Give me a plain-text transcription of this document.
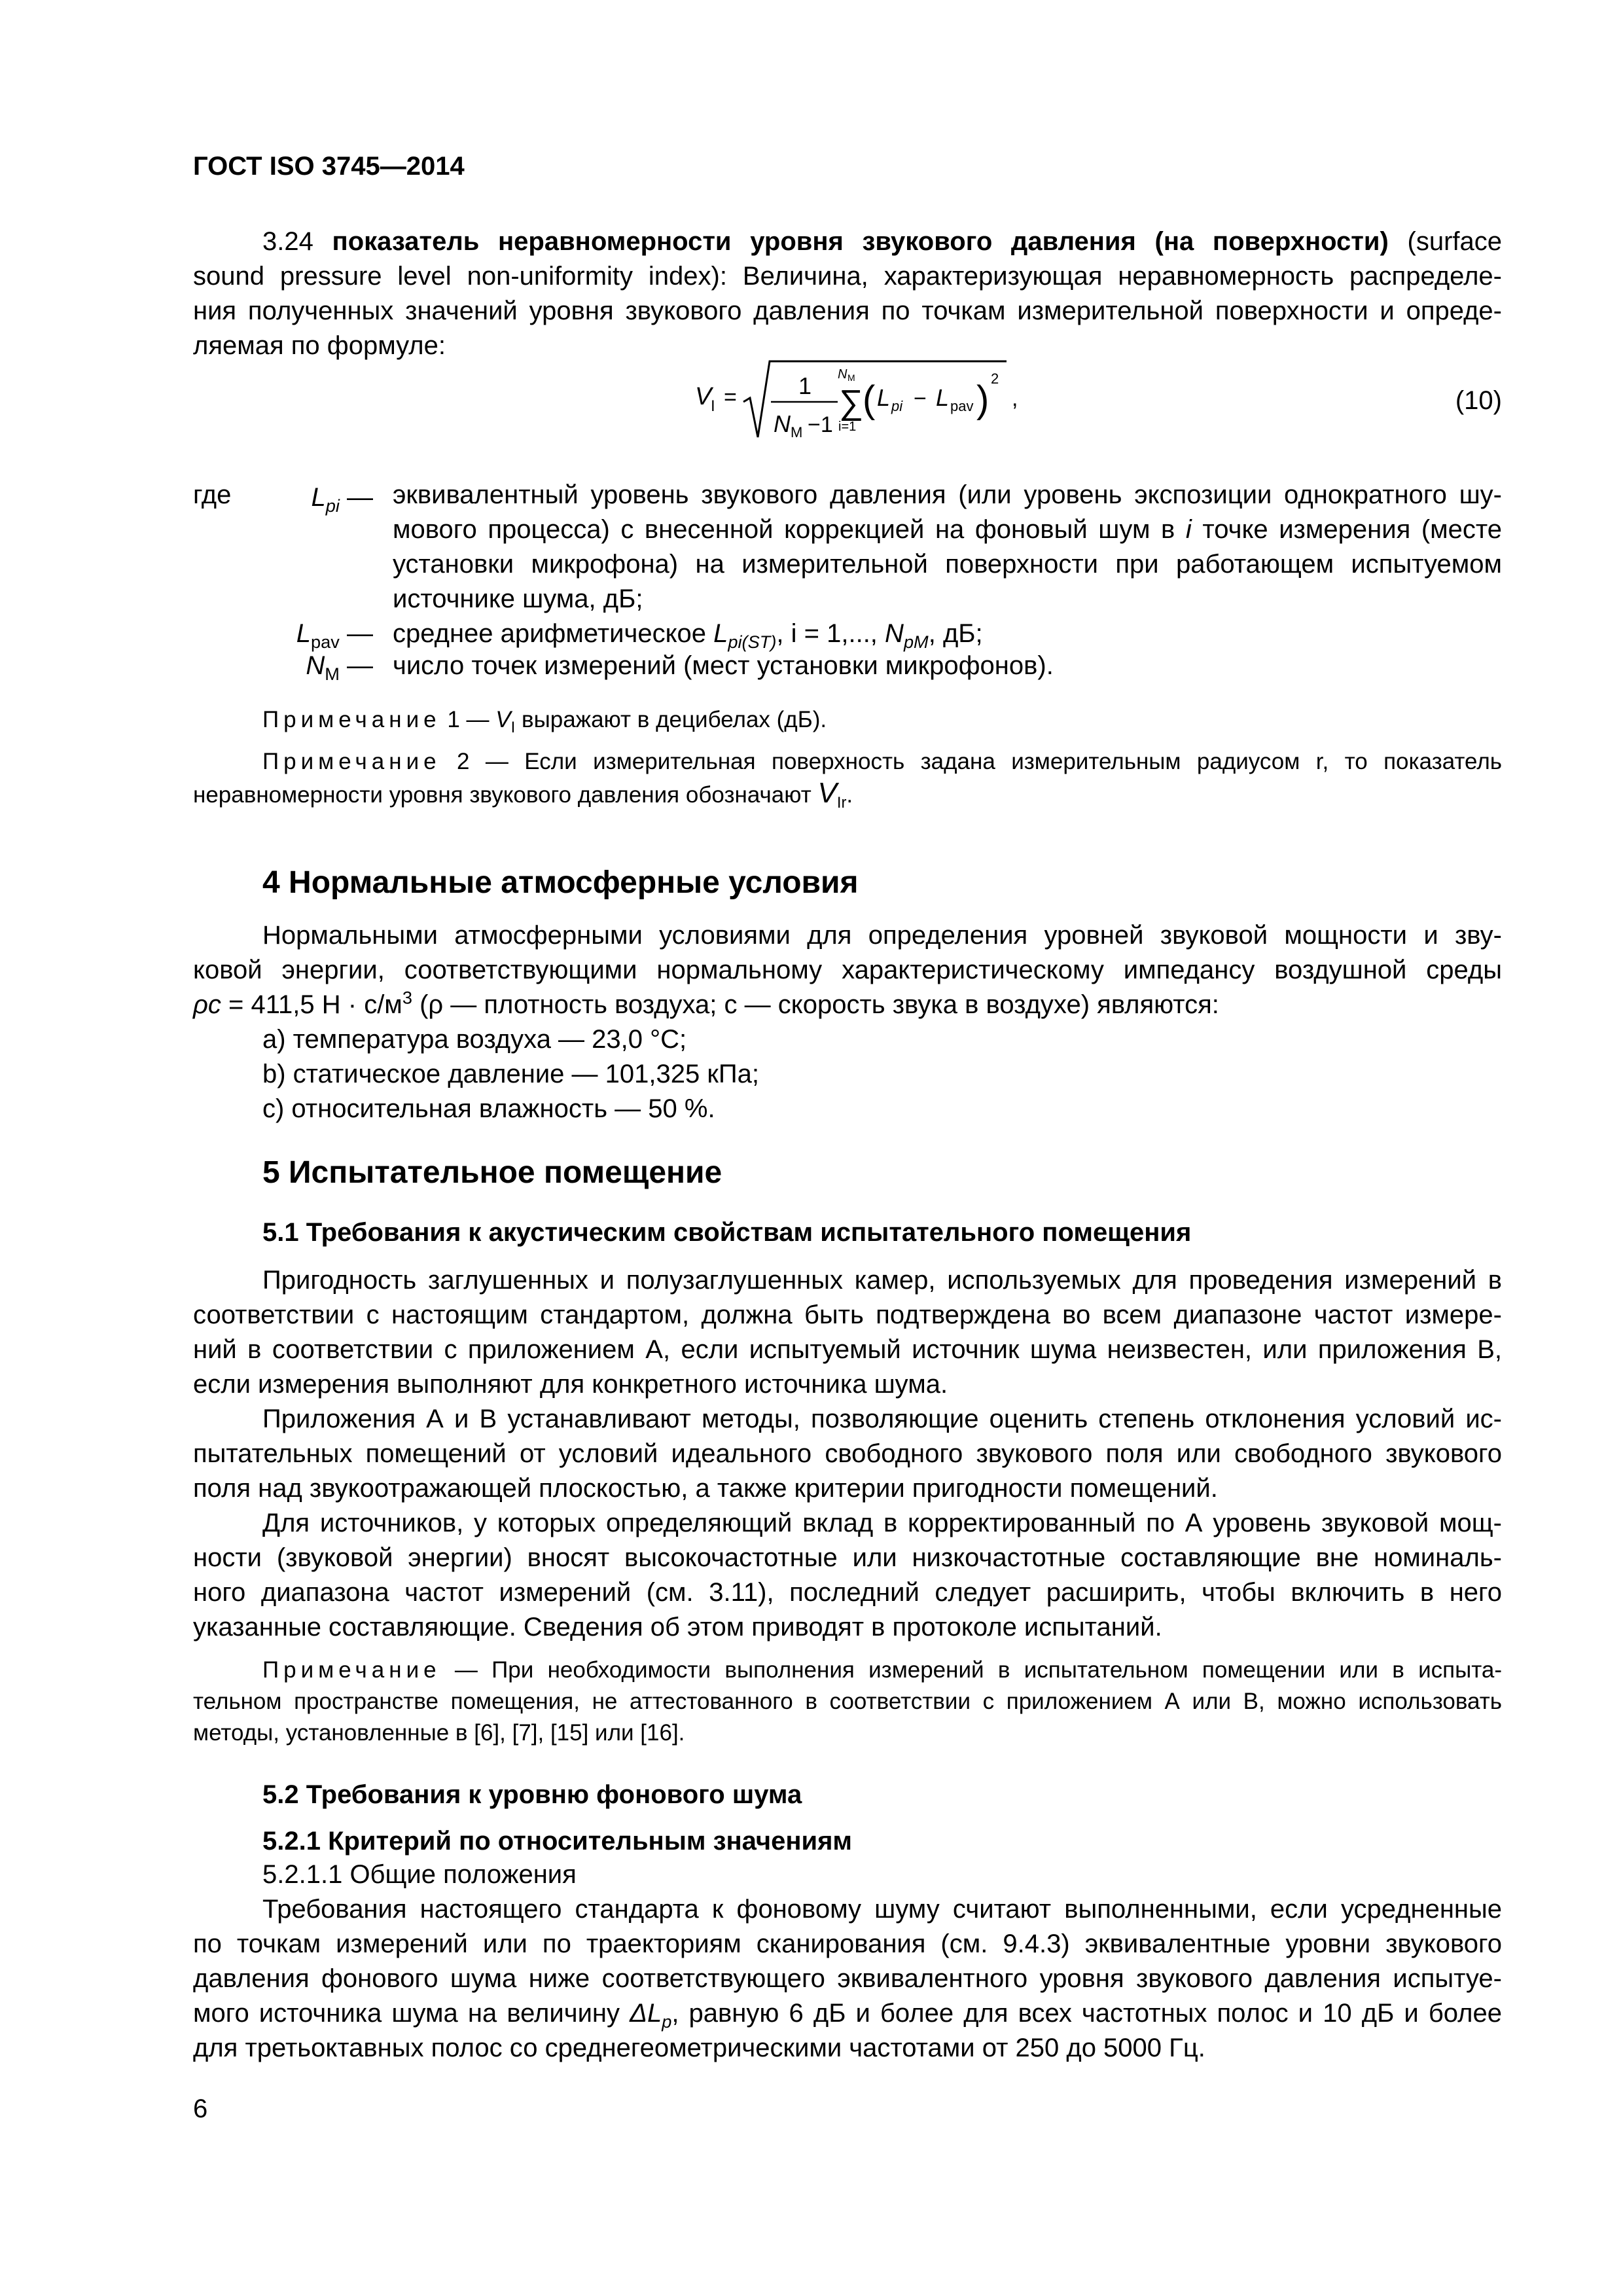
ГОСТ ISO 3745—2014
3.24 показатель неравномерности уровня звукового давления (на поверхности) (surface
sound pressure level non-uniformity index): Величина, характеризующая неравномерность распределе-
ния полученных значений уровня звукового давления по точкам измерительной поверхности и опреде-
ляемая по формуле:
V
I =	1
N M −1
N M
∑
i=1
( L pi − L pav ) 2
,	(10)
где	$L_{pi}$ — эквивалентный уровень звукового давления (или уровень экспозиции однократного шу-
мового процесса) с внесенной коррекцией на фоновый шум в i точке измерения (месте
установки микрофона) на измерительной поверхности при работающем испытуемом
источнике шума, дБ;
$L_{pav}$ — среднее арифметическое $L_{pi(ST)}$, i = 1,..., $N_{pM}$, дБ;
$N_M$ — число точек измерений (мест установки микрофонов).
Примечание 1 — $V_I$ выражают в децибелах (дБ).
Примечание 2 — Если измерительная поверхность задана измерительным радиусом r, то показатель
неравномерности уровня звукового давления обозначают $V_{Ir}$.
4 Нормальные атмосферные условия
Нормальными атмосферными условиями для определения уровней звуковой мощности и зву-
ковой энергии, соответствующими нормальному характеристическому импедансу воздушной среды
ρc = 411,5 $Н \cdot с/м^3$ (ρ — плотность воздуха; c — скорость звука в воздухе) являются:
a) температура воздуха — 23,0 °C;
b) статическое давление — 101,325 кПа;
c) относительная влажность — 50 %.
5 Испытательное помещение
5.1 Требования к акустическим свойствам испытательного помещения
Пригодность заглушенных и полузаглушенных камер, используемых для проведения измерений в
соответствии с настоящим стандартом, должна быть подтверждена во всем диапазоне частот измере-
ний в соответствии с приложением А, если испытуемый источник шума неизвестен, или приложения В,
если измерения выполняют для конкретного источника шума.
Приложения А и В устанавливают методы, позволяющие оценить степень отклонения условий ис-
пытательных помещений от условий идеального свободного звукового поля или свободного звукового
поля над звукоотражающей плоскостью, а также критерии пригодности помещений.
Для источников, у которых определяющий вклад в корректированный по А уровень звуковой мощ-
ности (звуковой энергии) вносят высокочастотные или низкочастотные составляющие вне номиналь-
ного диапазона частот измерений (см. 3.11), последний следует расширить, чтобы включить в него
указанные составляющие. Сведения об этом приводят в протоколе испытаний.
Примечание — При необходимости выполнения измерений в испытательном помещении или в испыта-
тельном пространстве помещения, не аттестованного в соответствии с приложением А или В, можно использовать
методы, установленные в [6], [7], [15] или [16].
5.2 Требования к уровню фонового шума
5.2.1 Критерий по относительным значениям
5.2.1.1 Общие положения
Требования настоящего стандарта к фоновому шуму считают выполненными, если усредненные
по точкам измерений или по траекториям сканирования (см. 9.4.3) эквивалентные уровни звукового
давления фонового шума ниже соответствующего эквивалентного уровня звукового давления испытуе-
мого источника шума на величину $\Delta L_p$, равную 6 дБ и более для всех частотных полос и 10 дБ и более
для третьоктавных полос со среднегеометрическими частотами от 250 до 5000 Гц.
6
